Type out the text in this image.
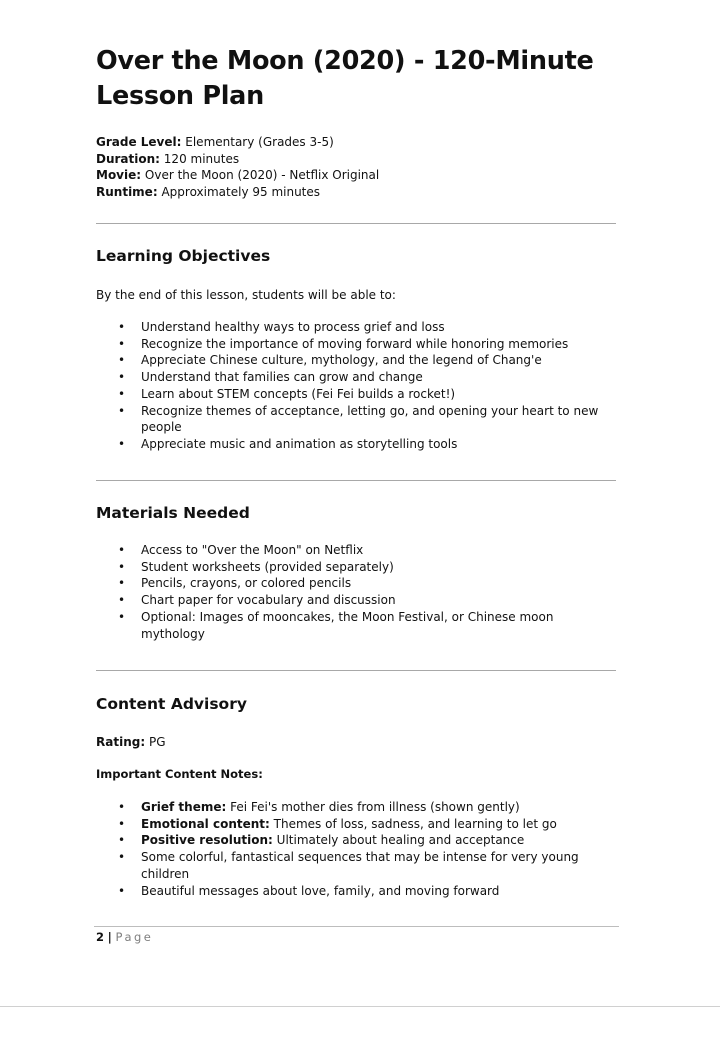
Over the Moon (2020) - 120-Minute
Lesson Plan
Grade Level: Elementary (Grades 3-5)
Duration: 120 minutes
Movie: Over the Moon (2020) - Netflix Original
Runtime: Approximately 95 minutes
Learning Objectives

By the end of this lesson, students will be able to:

• Understand healthy ways to process grief and loss
• Recognize the importance of moving forward while honoring memories
• Appreciate Chinese culture, mythology, and the legend of Chang'e
• Understand that families can grow and change
• Learn about STEM concepts (Fei Fei builds a rocket!)
• Recognize themes of acceptance, letting go, and opening your heart to new people
• Appreciate music and animation as storytelling tools
Materials Needed
• Access to "Over the Moon" on Netflix
• Student worksheets (provided separately)
• Pencils, crayons, or colored pencils
• Chart paper for vocabulary and discussion
• Optional: Images of mooncakes, the Moon Festival, or Chinese moon mythology
Content Advisory
Rating: PG
Important Content Notes:
• Grief theme: Fei Fei's mother dies from illness (shown gently)
• Emotional content: Themes of loss, sadness, and learning to let go
• Positive resolution: Ultimately about healing and acceptance
• Some colorful, fantastical sequences that may be intense for very young children
• Beautiful messages about love, family, and moving forward
2 | Page
